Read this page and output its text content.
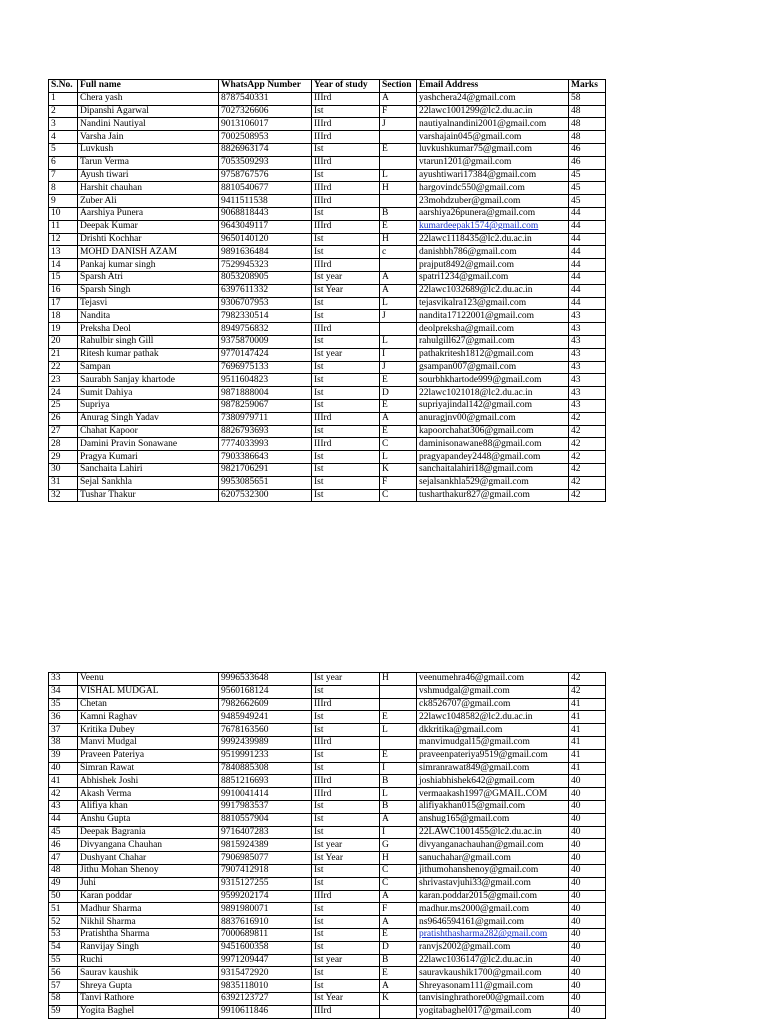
S.No.	Full name	WhatsApp Number	Year of study	Section	Email Address	Marks
1	Chera yash	8787540331	IIIrd	A	yashchera24@gmail.com	58
2	Dipanshi Agarwal	7027326606	Ist	F	22lawc1001299@lc2.du.ac.in	48
3	Nandini Nautiyal	9013106017	IIIrd	J	nautiyalnandini2001@gmail.com	48
4	Varsha Jain	7002508953	IIIrd		varshajain045@gmail.com	48
5	Luvkush	8826963174	Ist	E	luvkushkumar75@gmail.com	46
6	Tarun Verma	7053509293	IIIrd		vtarun1201@gmail.com	46
7	Ayush tiwari	9758767576	Ist	L	ayushtiwari17384@gmail.com	45
8	Harshit chauhan	8810540677	IIIrd	H	hargovindc550@gmail.com	45
9	Zuber Ali	9411511538	IIIrd		23mohdzuber@gmail.com	45
10	Aarshiya Punera	9068818443	Ist	B	aarshiya26punera@gmail.com	44
11	Deepak Kumar	9643049117	IIIrd	E	kumardeepak1574@gmail.com	44
12	Drishti Kochhar	9650140120	Ist	H	22lawc1118435@lc2.du.ac.in	44
13	MOHD DANISH AZAM	9891636484	Ist	c	danishbh786@gmail.com	44
14	Pankaj kumar singh	7529945323	IIIrd		prajput8492@gmail.com	44
15	Sparsh Atri	8053208905	Ist year	A	spatri1234@gmail.com	44
16	Sparsh Singh	6397611332	Ist Year	A	22lawc1032689@lc2.du.ac.in	44
17	Tejasvi	9306707953	Ist	L	tejasvikalra123@gmail.com	44
18	Nandita	7982330514	Ist	J	nandita17122001@gmail.com	43
19	Preksha Deol	8949756832	IIIrd		deolpreksha@gmail.com	43
20	Rahulbir singh Gill	9375870009	Ist	L	rahulgill627@gmail.com	43
21	Ritesh kumar pathak	9770147424	Ist year	I	pathakritesh1812@gmail.com	43
22	Sampan	7696975133	Ist	J	gsampan007@gmail.com	43
23	Saurabh Sanjay khartode	9511604823	Ist	E	sourbhkhartode999@gmail.com	43
24	Sumit Dahiya	9871888004	Ist	D	22lawc1021018@lc2.du.ac.in	43
25	Supriya	9878259067	Ist	E	supriyajindal142@gmail.com	43
26	Anurag Singh Yadav	7380979711	IIIrd	A	anuragjnv00@gmail.com	42
27	Chahat Kapoor	8826793693	Ist	E	kapoorchahat306@gmail.com	42
28	Damini Pravin Sonawane	7774033993	IIIrd	C	daminisonawane88@gmail.com	42
29	Pragya Kumari	7903386643	Ist	L	pragyapandey2448@gmail.com	42
30	Sanchaita Lahiri	9821706291	Ist	K	sanchaitalahiri18@gmail.com	42
31	Sejal Sankhla	9953085651	Ist	F	sejalsankhla529@gmail.com	42
32	Tushar Thakur	6207532300	Ist	C	tusharthakur827@gmail.com	42
33	Veenu	9996533648	Ist year	H	veenumehra46@gmail.com	42
34	VISHAL MUDGAL	9560168124	Ist		vshmudgal@gmail.com	42
35	Chetan	7982662609	IIIrd		ck8526707@gmail.com	41
36	Kamni Raghav	9485949241	Ist	E	22lawc1048582@lc2.du.ac.in	41
37	Kritika Dubey	7678163560	Ist	L	dkkritika@gmail.com	41
38	Manvi Mudgal	9992439989	IIIrd		manvimudgal15@gmail.com	41
39	Praveen Pateriya	9519991233	Ist	E	praveenpateriya9519@gmail.com	41
40	Simran Rawat	7840885308	Ist	I	simranrawat849@gmail.com	41
41	Abhishek Joshi	8851216693	IIIrd	B	joshiabhishek642@gmail.com	40
42	Akash Verma	9910041414	IIIrd	L	vermaakash1997@GMAIL.COM	40
43	Alifiya khan	9917983537	Ist	B	alifiyakhan015@gmail.com	40
44	Anshu Gupta	8810557904	Ist	A	anshug165@gmail.com	40
45	Deepak Bagrania	9716407283	Ist	I	22LAWC1001455@lc2.du.ac.in	40
46	Divyangana Chauhan	9815924389	Ist year	G	divyanganachauhan@gmail.com	40
47	Dushyant Chahar	7906985077	Ist Year	H	sanuchahar@gmail.com	40
48	Jithu Mohan Shenoy	7907412918	Ist	C	jithumohanshenoy@gmail.com	40
49	Juhi	9315127255	Ist	C	shrivastavjuhi33@gmail.com	40
50	Karan poddar	9599202174	IIIrd	A	karan.poddar2015@gmail.com	40
51	Madhur Sharma	9891980071	Ist	F	madhur.ms2000@gmail.com	40
52	Nikhil Sharma	8837616910	Ist	A	ns9646594161@gmail.com	40
53	Pratishtha Sharma	7000689811	Ist	E	pratishthasharma282@gmail.com	40
54	Ranvijay Singh	9451600358	Ist	D	ranvjs2002@gmail.com	40
55	Ruchi	9971209447	Ist year	B	22lawc1036147@lc2.du.ac.in	40
56	Saurav kaushik	9315472920	Ist	E	sauravkaushik1700@gmail.com	40
57	Shreya Gupta	9835118010	Ist	A	Shreyasonam111@gmail.com	40
58	Tanvi Rathore	6392123727	Ist Year	K	tanvisinghrathore00@gmail.com	40
59	Yogita Baghel	9910611846	IIIrd		yogitabaghel017@gmail.com	40
